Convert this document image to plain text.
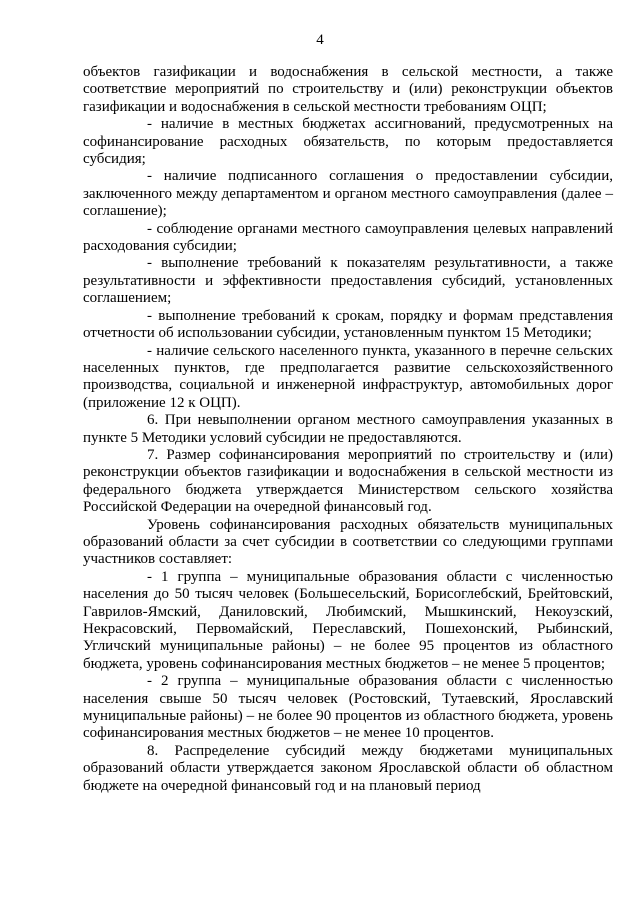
4

объектов газификации и водоснабжения в сельской местности, а также соответствие мероприятий по строительству и (или) реконструкции объектов газификации и водоснабжения в сельской местности требованиям ОЦП;

- наличие в местных бюджетах ассигнований, предусмотренных на софинансирование расходных обязательств, по которым предоставляется субсидия;

- наличие подписанного соглашения о предоставлении субсидии, заключенного между департаментом и органом местного самоуправления (далее – соглашение);

- соблюдение органами местного самоуправления целевых направлений расходования субсидии;

- выполнение требований к показателям результативности, а также результативности и эффективности предоставления субсидий, установленных соглашением;

- выполнение требований к срокам, порядку и формам представления отчетности об использовании субсидии, установленным пунктом 15 Методики;

- наличие сельского населенного пункта, указанного в перечне сельских населенных пунктов, где предполагается развитие сельскохозяйственного производства, социальной и инженерной инфраструктур, автомобильных дорог (приложение 12 к ОЦП).

6. При невыполнении органом местного самоуправления указанных в пункте 5 Методики условий субсидии не предоставляются.

7. Размер софинансирования мероприятий по строительству и (или) реконструкции объектов газификации и водоснабжения в сельской местности из федерального бюджета утверждается Министерством сельского хозяйства Российской Федерации на очередной финансовый год.

Уровень софинансирования расходных обязательств муниципальных образований области за счет субсидии в соответствии со следующими группами участников составляет:

- 1 группа – муниципальные образования области с численностью населения до 50 тысяч человек (Большесельский, Борисоглебский, Брейтовский, Гаврилов-Ямский, Даниловский, Любимский, Мышкинский, Некоузский, Некрасовский, Первомайский, Переславский, Пошехонский, Рыбинский, Угличский муниципальные районы) – не более 95 процентов из областного бюджета, уровень софинансирования местных бюджетов – не менее 5 процентов;

- 2 группа – муниципальные образования области с численностью населения свыше 50 тысяч человек (Ростовский, Тутаевский, Ярославский муниципальные районы) – не более 90 процентов из областного бюджета, уровень софинансирования местных бюджетов – не менее 10 процентов.

8. Распределение субсидий между бюджетами муниципальных образований области утверждается законом Ярославской области об областном бюджете на очередной финансовый год и на плановый период
